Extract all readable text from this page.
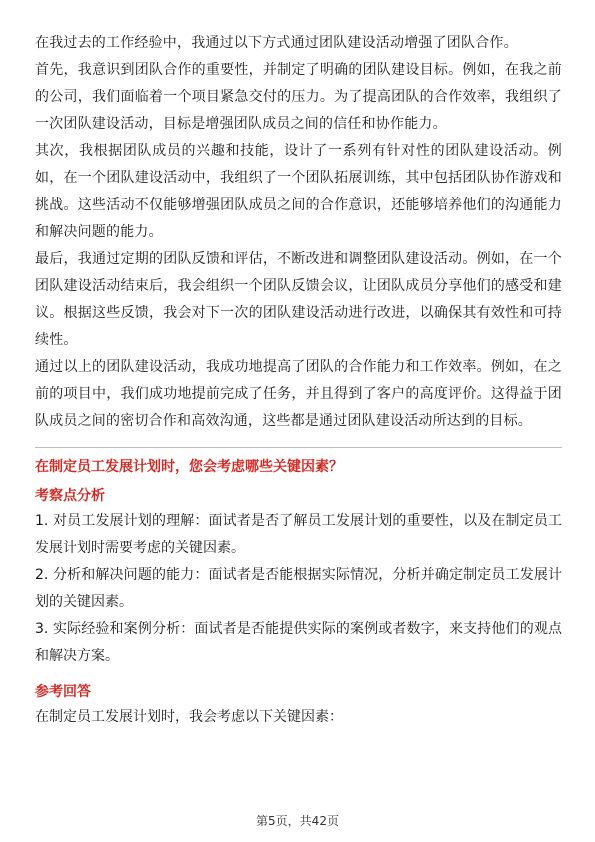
在我过去的工作经验中，我通过以下方式通过团队建设活动增强了团队合作。

首先，我意识到团队合作的重要性，并制定了明确的团队建设目标。例如，在我之前的公司，我们面临着一个项目紧急交付的压力。为了提高团队的合作效率，我组织了一次团队建设活动，目标是增强团队成员之间的信任和协作能力。

其次，我根据团队成员的兴趣和技能，设计了一系列有针对性的团队建设活动。例如，在一个团队建设活动中，我组织了一个团队拓展训练，其中包括团队协作游戏和挑战。这些活动不仅能够增强团队成员之间的合作意识，还能够培养他们的沟通能力和解决问题的能力。

最后，我通过定期的团队反馈和评估，不断改进和调整团队建设活动。例如，在一个团队建设活动结束后，我会组织一个团队反馈会议，让团队成员分享他们的感受和建议。根据这些反馈，我会对下一次的团队建设活动进行改进，以确保其有效性和可持续性。

通过以上的团队建设活动，我成功地提高了团队的合作能力和工作效率。例如，在之前的项目中，我们成功地提前完成了任务，并且得到了客户的高度评价。这得益于团队成员之间的密切合作和高效沟通，这些都是通过团队建设活动所达到的目标。

在制定员工发展计划时，您会考虑哪些关键因素？

考察点分析

1. 对员工发展计划的理解：面试者是否了解员工发展计划的重要性，以及在制定员工发展计划时需要考虑的关键因素。

2. 分析和解决问题的能力：面试者是否能根据实际情况，分析并确定制定员工发展计划的关键因素。

3. 实际经验和案例分析：面试者是否能提供实际的案例或者数字，来支持他们的观点和解决方案。

参考回答

在制定员工发展计划时，我会考虑以下关键因素：

第5页，共42页
